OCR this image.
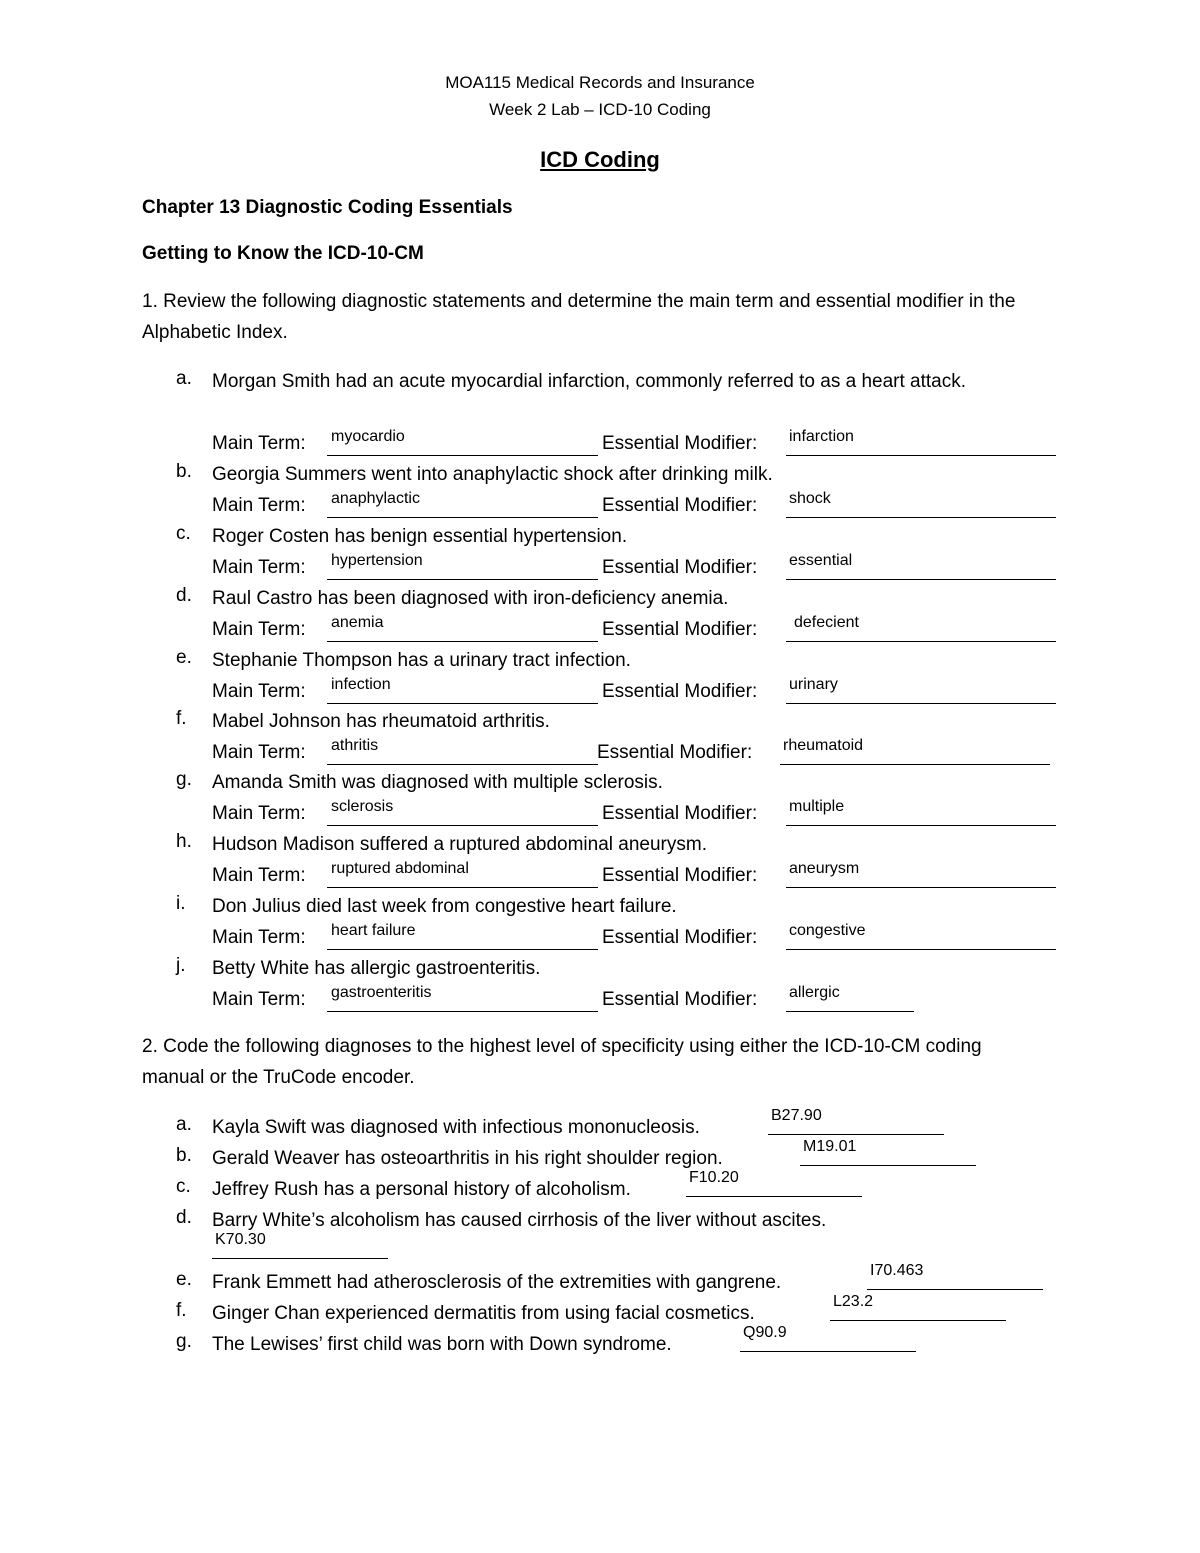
MOA115 Medical Records and Insurance
Week 2 Lab – ICD-10 Coding
ICD Coding
Chapter 13 Diagnostic Coding Essentials
Getting to Know the ICD-10-CM
1. Review the following diagnostic statements and determine the main term and essential modifier in the Alphabetic Index.
a. Morgan Smith had an acute myocardial infarction, commonly referred to as a heart attack.
Main Term: myocardio	Essential Modifier: infarction
b. Georgia Summers went into anaphylactic shock after drinking milk.
Main Term: anaphylactic	Essential Modifier: shock
c. Roger Costen has benign essential hypertension.
Main Term: hypertension	Essential Modifier: essential
d. Raul Castro has been diagnosed with iron-deficiency anemia.
Main Term: anemia	Essential Modifier: defecient
e. Stephanie Thompson has a urinary tract infection.
Main Term: infection	Essential Modifier: urinary
f. Mabel Johnson has rheumatoid arthritis.
Main Term: athritis	Essential Modifier: rheumatoid
g. Amanda Smith was diagnosed with multiple sclerosis.
Main Term: sclerosis	Essential Modifier: multiple
h. Hudson Madison suffered a ruptured abdominal aneurysm.
Main Term: ruptured abdominal	Essential Modifier: aneurysm
i. Don Julius died last week from congestive heart failure.
Main Term: heart failure	Essential Modifier: congestive
j. Betty White has allergic gastroenteritis.
Main Term: gastroenteritis	Essential Modifier: allergic
2. Code the following diagnoses to the highest level of specificity using either the ICD-10-CM coding manual or the TruCode encoder.
a. Kayla Swift was diagnosed with infectious mononucleosis.
B27.90
b. Gerald Weaver has osteoarthritis in his right shoulder region.
M19.01
c. Jeffrey Rush has a personal history of alcoholism.
F10.20
d. Barry White’s alcoholism has caused cirrhosis of the liver without ascites.
K70.30
e. Frank Emmett had atherosclerosis of the extremities with gangrene.
I70.463
f. Ginger Chan experienced dermatitis from using facial cosmetics.
L23.2
g. The Lewises’ first child was born with Down syndrome.
Q90.9
